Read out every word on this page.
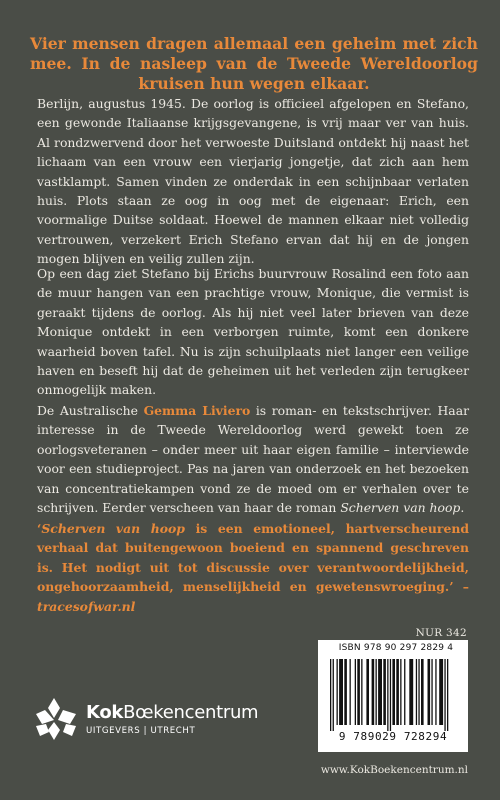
Vier mensen dragen allemaal een geheim met zich mee. In de nasleep van de Tweede Wereldoorlog kruisen hun wegen elkaar.

Berlijn, augustus 1945. De oorlog is officieel afgelopen en Stefano, een gewonde Italiaanse krijgsgevangene, is vrij maar ver van huis. Al rondzwervend door het verwoeste Duitsland ontdekt hij naast het lichaam van een vrouw een vierjarig jongetje, dat zich aan hem vastklampt. Samen vinden ze onderdak in een schijnbaar verlaten huis. Plots staan ze oog in oog met de eigenaar: Erich, een voormalige Duitse soldaat. Hoewel de mannen elkaar niet volledig vertrouwen, verzekert Erich Stefano ervan dat hij en de jongen mogen blijven en veilig zullen zijn.

Op een dag ziet Stefano bij Erichs buurvrouw Rosalind een foto aan de muur hangen van een prachtige vrouw, Monique, die vermist is geraakt tijdens de oorlog. Als hij niet veel later brieven van deze Monique ontdekt in een verborgen ruimte, komt een donkere waarheid boven tafel. Nu is zijn schuilplaats niet langer een veilige haven en beseft hij dat de geheimen uit het verleden zijn terugkeer onmogelijk maken.

De Australische Gemma Liviero is roman- en tekstschrijver. Haar interesse in de Tweede Wereldoorlog werd gewekt toen ze oorlogsveteranen – onder meer uit haar eigen familie – interviewde voor een studieproject. Pas na jaren van onderzoek en het bezoeken van concentratiekampen vond ze de moed om er verhalen over te schrijven. Eerder verscheen van haar de roman Scherven van hoop.

‘Scherven van hoop is een emotioneel, hartverscheurend verhaal dat buitengewoon boeiend en spannend geschreven is. Het nodigt uit tot discussie over verantwoordelijkheid, ongehoorzaamheid, menselijkheid en gewetenswroeging.’ – tracesofwar.nl

NUR 342
ISBN 978 90 297 2829 4
9 789029 728294
KokBœkencentrum
UITGEVERS | UTRECHT
www.KokBoekencentrum.nl
